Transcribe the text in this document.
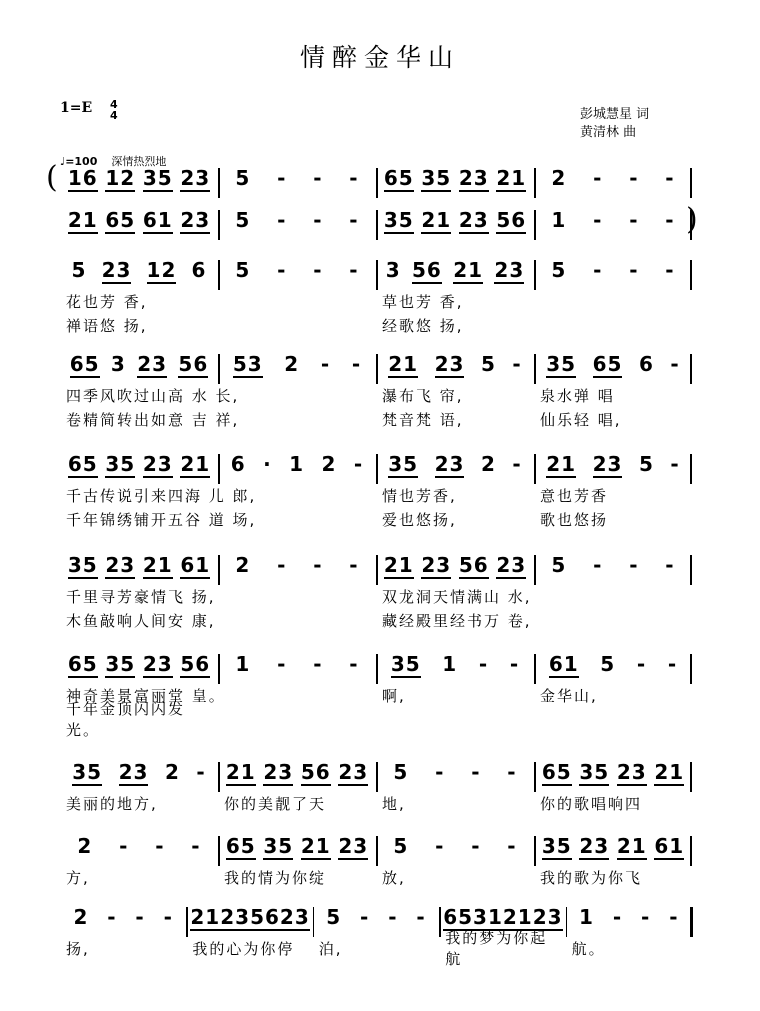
情醉金华山
1=E 4
4	彭城慧星 词
黄清林 曲
♩=100 深情热烈地
( 16 12 35 23 5 - - - 65 35 23 21 2 - - -
)
21 65 61 23 5 - - - 35 21 23 56 1 - - -
5 23 12 6 5 - - - 3 56 21 23 5 - - -
花也芳 香,	草也芳 香,
禅语悠 扬,	经歌悠 扬,
65 3 23 56 53 2 - - 21 23 5 - 35 65 6 -
四季风吹过山高 水 长,	瀑布飞 帘,	泉水弹 唱
卷精简转出如意 吉 祥,	梵音梵 语,	仙乐轻 唱,
65 35 23 21 6 · 1 2 - 35 23 2 - 21 23 5 -
千古传说引来四海 儿 郎,	情也芳香,	意也芳香
千年锦绣铺开五谷 道 场,	爱也悠扬,	歌也悠扬
35 23 21 61 2 - - - 21 23 56 23 5 - - -
千里寻芳豪情飞 扬,	双龙洞天情满山 水,
木鱼敲响人间安 康,	藏经殿里经书万 卷,
65 35 23 56 1 - - - 35 1 - - 61 5 - -
神奇美景富丽堂 皇。	啊,	金华山,
千年金顶闪闪发 光。
35 23 2 - 21 23 56 23 5 - - - 65 35 23 21
美丽的地方,	你的美靓了天	地,	你的歌唱响四
2 - - - 65 35 21 23 5 - - - 35 23 21 61
方,	我的情为你绽	放,	我的歌为你飞
2 - - - 21 23 56 23 5 - - - 65 31 21 23 1 - - -
扬,	我的心为你停 泊,
我的梦为你起航
航。
